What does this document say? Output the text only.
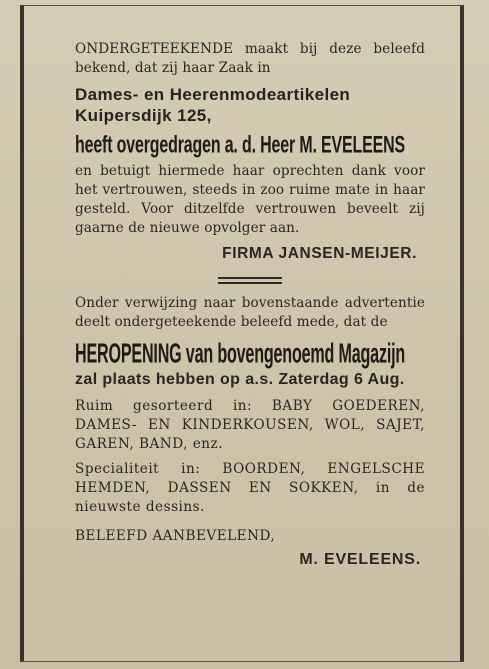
ONDERGETEEKENDE maakt bij deze beleefd bekend, dat zij haar Zaak in
Dames- en Heerenmodeartikelen
Kuipersdijk 125,
heeft overgedragen a. d. Heer M. EVELEENS
en betuigt hiermede haar oprechten dank voor het vertrouwen, steeds in zoo ruime mate in haar gesteld. Voor ditzelfde vertrouwen beveelt zij gaarne de nieuwe opvolger aan.
FIRMA JANSEN-MEIJER.
Onder verwijzing naar bovenstaande advertentie deelt ondergeteekende beleefd mede, dat de
HEROPENING van bovengenoemd Magazijn
zal plaats hebben op a.s. Zaterdag 6 Aug.
Ruim gesorteerd in: BABY GOEDEREN, DAMES- EN KINDERKOUSEN, WOL, SAJET, GAREN, BAND, enz.
Specialiteit in: BOORDEN, ENGELSCHE HEMDEN, DASSEN EN SOKKEN, in de nieuwste dessins.
BELEEFD AANBEVELEND,
M. EVELEENS.
